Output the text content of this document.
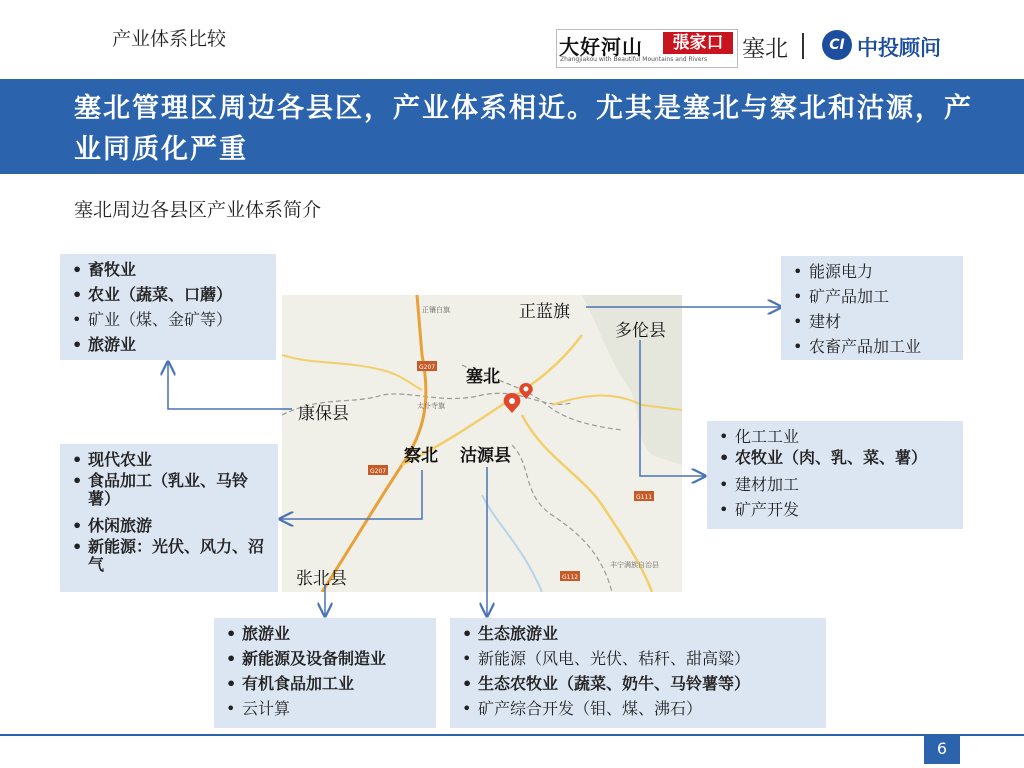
产业体系比较	大好河山	張家口
Zhangjiakou with Beautiful Mountains and Rivers 塞北	CI 中投顾问
塞北管理区周边各县区，产业体系相近。尤其是塞北与察北和沽源，产业同质化严重
塞北周边各县区产业体系简介
正镶白旗
太仆寺旗
丰宁满族自治县
G207
G207
G111
G112
正蓝旗
多伦县
塞北
康保县
察北 沽源县
张北县
• 畜牧业
• 农业（蔬菜、口蘑）
• 矿业（煤、金矿等）
• 旅游业
• 能源电力
• 矿产品加工
• 建材
• 农畜产品加工业
• 化工工业
• 农牧业（肉、乳、菜、薯）
• 建材加工
• 矿产开发
• 现代农业
• 食品加工（乳业、马铃薯）
• 休闲旅游
• 新能源：光伏、风力、沼气
• 旅游业
• 新能源及设备制造业
• 有机食品加工业
• 云计算
• 生态旅游业
• 新能源（风电、光伏、秸秆、甜高粱）
• 生态农牧业（蔬菜、奶牛、马铃薯等）
• 矿产综合开发（钼、煤、沸石）
6
